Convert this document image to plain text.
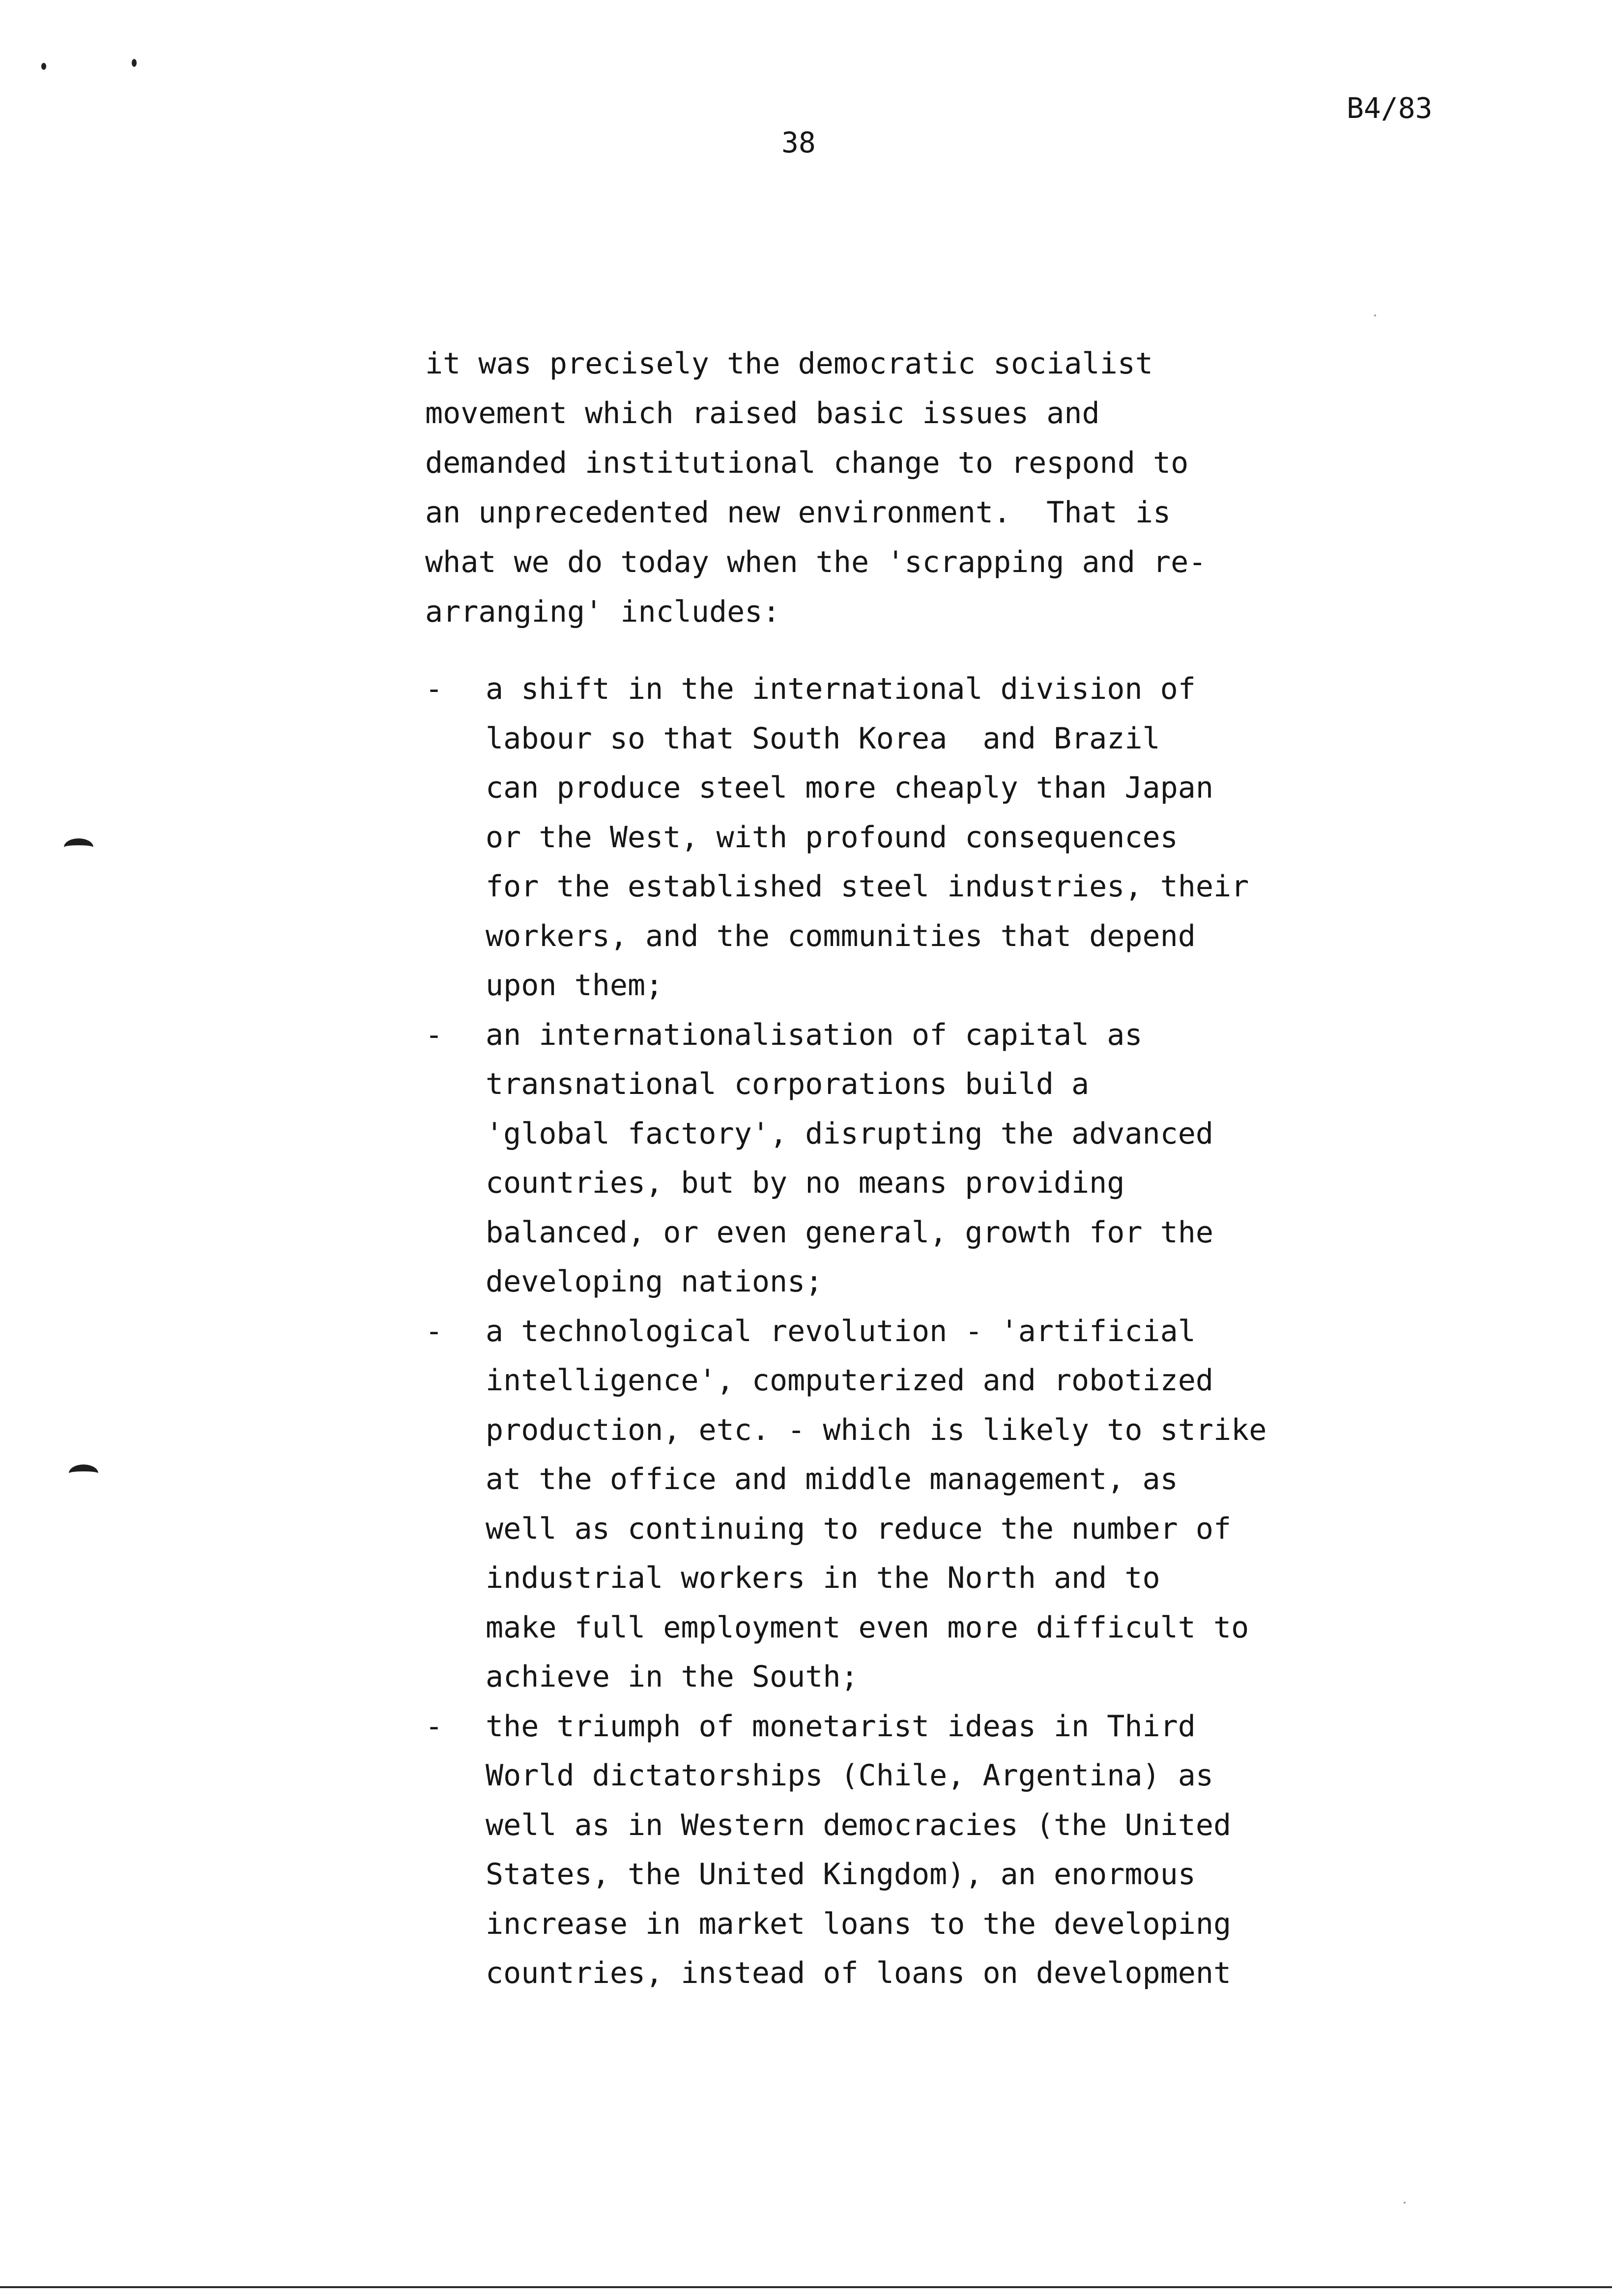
38
B4/83
it was precisely the democratic socialist
movement which raised basic issues and
demanded institutional change to respond to
an unprecedented new environment.  That is
what we do today when the 'scrapping and re-
arranging' includes:
- a shift in the international division of
labour so that South Korea  and Brazil
can produce steel more cheaply than Japan
or the West, with profound consequences
for the established steel industries, their
workers, and the communities that depend
upon them;
- an internationalisation of capital as
transnational corporations build a
'global factory', disrupting the advanced
countries, but by no means providing
balanced, or even general, growth for the
developing nations;
- a technological revolution - 'artificial
intelligence', computerized and robotized
production, etc. - which is likely to strike
at the office and middle management, as
well as continuing to reduce the number of
industrial workers in the North and to
make full employment even more difficult to
achieve in the South;
- the triumph of monetarist ideas in Third
World dictatorships (Chile, Argentina) as
well as in Western democracies (the United
States, the United Kingdom), an enormous
increase in market loans to the developing
countries, instead of loans on development
